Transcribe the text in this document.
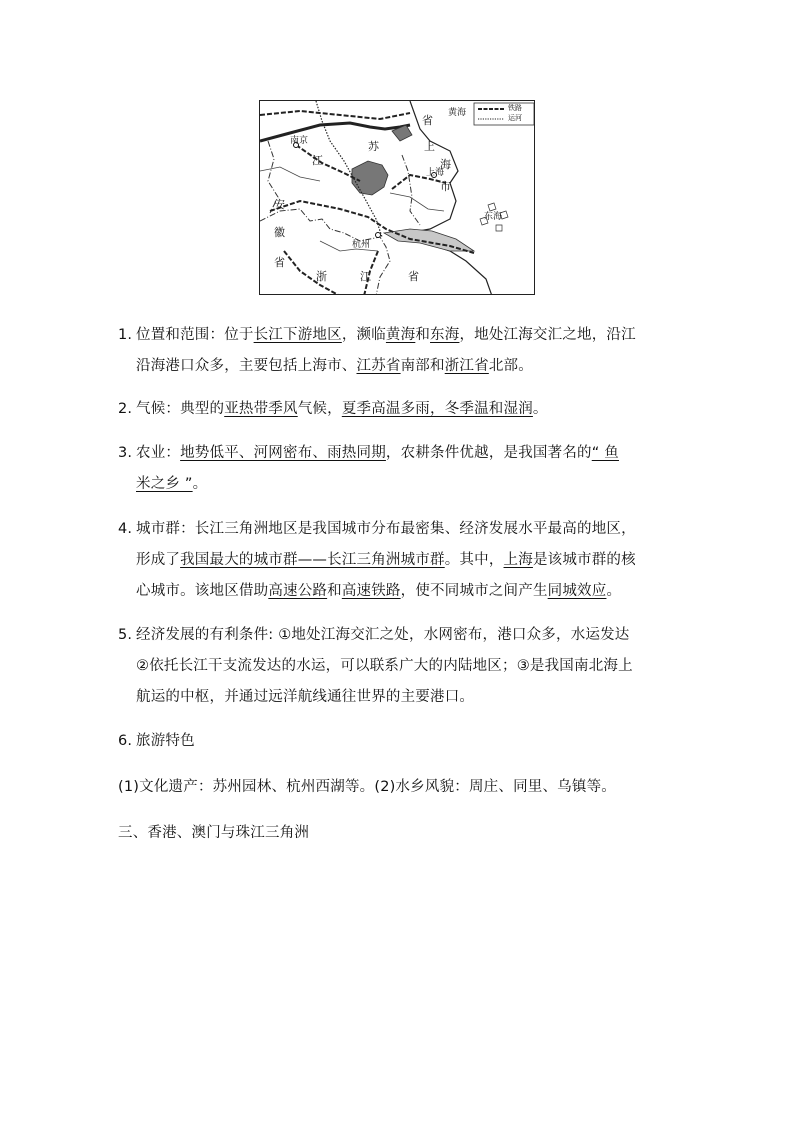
黄海	铁路
运河
东海
南京	苏
省
江
安
徽
省
上
海
市
上海
杭州
浙	江	省
1. 位置和范围：位于长江下游地区，濒临黄海和东海，地处江海交汇之地，沿江
沿海港口众多，主要包括上海市、江苏省南部和浙江省北部。
2. 气候：典型的亚热带季风气候，夏季高温多雨，冬季温和湿润。
3. 农业：地势低平、河网密布、雨热同期，农耕条件优越，是我国著名的“ 鱼
米之乡 ”。
4. 城市群：长江三角洲地区是我国城市分布最密集、经济发展水平最高的地区，
形成了我国最大的城市群——长江三角洲城市群。其中，上海是该城市群的核
心城市。该地区借助高速公路和高速铁路，使不同城市之间产生同城效应。
5. 经济发展的有利条件: ①地处江海交汇之处，水网密布，港口众多，水运发达
②依托长江干支流发达的水运，可以联系广大的内陆地区；③是我国南北海上
航运的中枢，并通过远洋航线通往世界的主要港口。
6. 旅游特色
(1)文化遗产：苏州园林、杭州西湖等。(2)水乡风貌：周庄、同里、乌镇等。
三、香港、澳门与珠江三角洲
